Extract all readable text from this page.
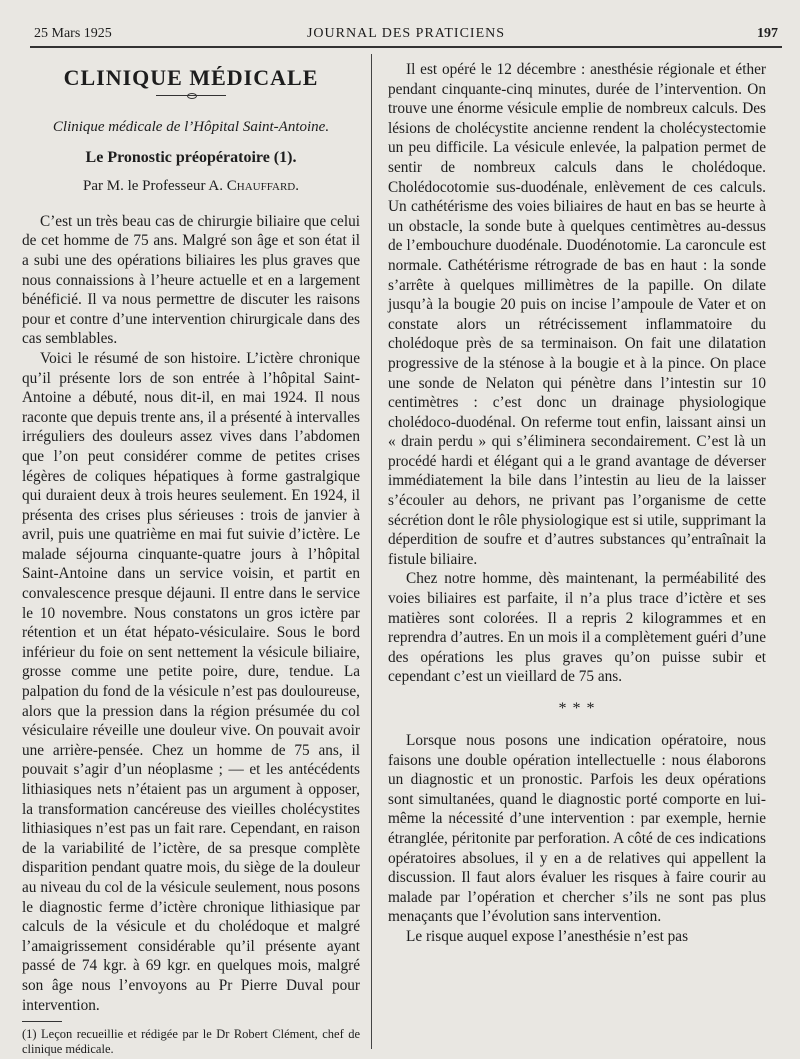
25 Mars 1925	JOURNAL DES PRATICIENS	197
CLINIQUE MÉDICALE
Clinique médicale de l’Hôpital Saint-Antoine.
Le Pronostic préopératoire (1).
Par M. le Professeur A. Chauffard.

C’est un très beau cas de chirurgie biliaire que celui de cet homme de 75 ans. Malgré son âge et son état il a subi une des opérations biliaires les plus graves que nous connaissions à l’heure actuelle et en a largement bénéficié. Il va nous permettre de discuter les raisons pour et contre d’une intervention chirurgicale dans des cas semblables.

Voici le résumé de son histoire. L’ictère chronique qu’il présente lors de son entrée à l’hôpital Saint-Antoine a débuté, nous dit-il, en mai 1924. Il nous raconte que depuis trente ans, il a présenté à intervalles irréguliers des douleurs assez vives dans l’abdomen que l’on peut considérer comme de petites crises légères de coliques hépatiques à forme gastralgique qui duraient deux à trois heures seulement. En 1924, il présenta des crises plus sérieuses : trois de janvier à avril, puis une quatrième en mai fut suivie d’ictère. Le malade séjourna cinquante-quatre jours à l’hôpital Saint-Antoine dans un service voisin, et partit en convalescence presque déjauni. Il entre dans le service le 10 novembre. Nous constatons un gros ictère par rétention et un état hépato-vésiculaire. Sous le bord inférieur du foie on sent nettement la vésicule biliaire, grosse comme une petite poire, dure, tendue. La palpation du fond de la vésicule n’est pas douloureuse, alors que la pression dans la région présumée du col vésiculaire réveille une douleur vive. On pouvait avoir une arrière-pensée. Chez un homme de 75 ans, il pouvait s’agir d’un néoplasme ; — et les antécédents lithiasiques nets n’étaient pas un argument à opposer, la transformation cancéreuse des vieilles cholécystites lithiasiques n’est pas un fait rare. Cependant, en raison de la variabilité de l’ictère, de sa presque complète disparition pendant quatre mois, du siège de la douleur au niveau du col de la vésicule seulement, nous posons le diagnostic ferme d’ictère chronique lithiasique par calculs de la vésicule et du cholédoque et malgré l’amaigrissement considérable qu’il présente ayant passé de 74 kgr. à 69 kgr. en quelques mois, malgré son âge nous l’envoyons au Pr Pierre Duval pour intervention.

(1) Leçon recueillie et rédigée par le Dr Robert Clément, chef de clinique médicale.

Il est opéré le 12 décembre : anesthésie régionale et éther pendant cinquante-cinq minutes, durée de l’intervention. On trouve une énorme vésicule emplie de nombreux calculs. Des lésions de cholécystite ancienne rendent la cholécystectomie un peu difficile. La vésicule enlevée, la palpation permet de sentir de nombreux calculs dans le cholédoque. Cholédocotomie sus-duodénale, enlèvement de ces calculs. Un cathétérisme des voies biliaires de haut en bas se heurte à un obstacle, la sonde bute à quelques centimètres au-dessus de l’embouchure duodénale. Duodénotomie. La caroncule est normale. Cathétérisme rétrograde de bas en haut : la sonde s’arrête à quelques millimètres de la papille. On dilate jusqu’à la bougie 20 puis on incise l’ampoule de Vater et on constate alors un rétrécissement inflammatoire du cholédoque près de sa terminaison. On fait une dilatation progressive de la sténose à la bougie et à la pince. On place une sonde de Nelaton qui pénètre dans l’intestin sur 10 centimètres : c’est donc un drainage physiologique cholédoco-duodénal. On referme tout enfin, laissant ainsi un « drain perdu » qui s’éliminera secondairement. C’est là un procédé hardi et élégant qui a le grand avantage de déverser immédiatement la bile dans l’intestin au lieu de la laisser s’écouler au dehors, ne privant pas l’organisme de cette sécrétion dont le rôle physiologique est si utile, supprimant la déperdition de soufre et d’autres substances qu’entraînait la fistule biliaire.

Chez notre homme, dès maintenant, la perméabilité des voies biliaires est parfaite, il n’a plus trace d’ictère et ses matières sont colorées. Il a repris 2 kilogrammes et en reprendra d’autres. En un mois il a complètement guéri d’une des opérations les plus graves qu’on puisse subir et cependant c’est un vieillard de 75 ans.

* * *

Lorsque nous posons une indication opératoire, nous faisons une double opération intellectuelle : nous élaborons un diagnostic et un pronostic. Parfois les deux opérations sont simultanées, quand le diagnostic porté comporte en lui-même la nécessité d’une intervention : par exemple, hernie étranglée, péritonite par perforation. A côté de ces indications opératoires absolues, il y en a de relatives qui appellent la discussion. Il faut alors évaluer les risques à faire courir au malade par l’opération et chercher s’ils ne sont pas plus menaçants que l’évolution sans intervention.

Le risque auquel expose l’anesthésie n’est pas
